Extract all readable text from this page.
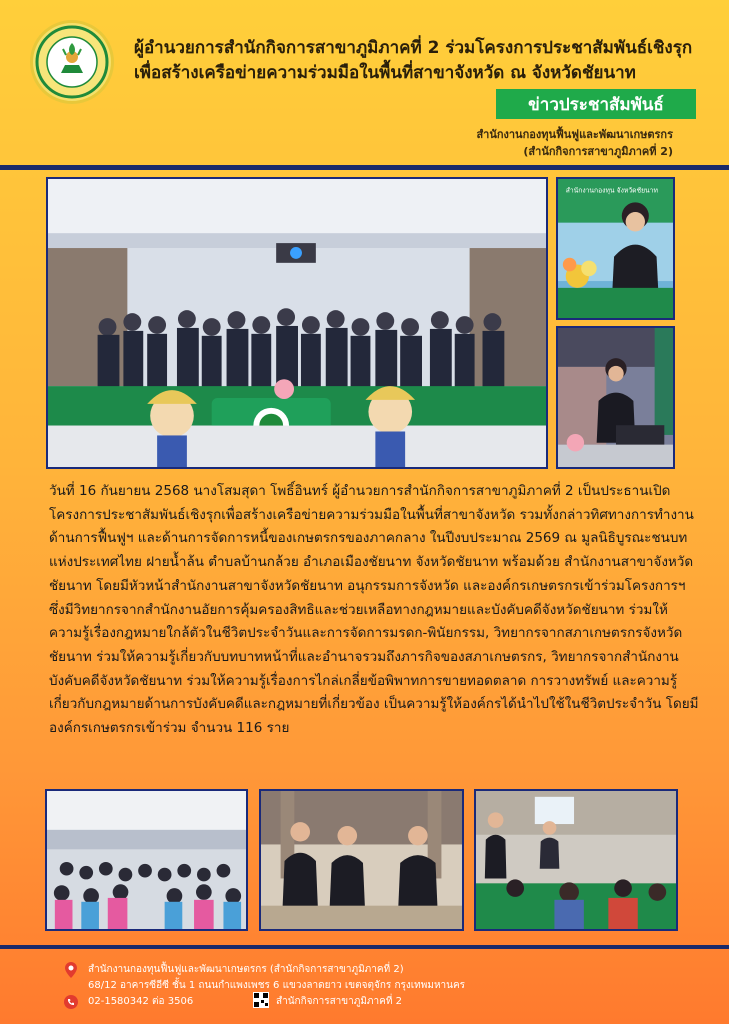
ผู้อำนวยการสำนักกิจการสาขาภูมิภาคที่ 2 ร่วมโครงการประชาสัมพันธ์เชิงรุก
เพื่อสร้างเครือข่ายความร่วมมือในพื้นที่สาขาจังหวัด ณ จังหวัดชัยนาท
ข่าวประชาสัมพันธ์
สำนักงานกองทุนฟื้นฟูและพัฒนาเกษตรกร
(สำนักกิจการสาขาภูมิภาคที่ 2)
สำนักงานกองทุน จังหวัดชัยนาท
วันที่ 16 กันยายน 2568 นางโสมสุดา โพธิ์อินทร์ ผู้อำนวยการสำนักกิจการสาขาภูมิภาคที่ 2 เป็นประธานเปิดโครงการประชาสัมพันธ์เชิงรุกเพื่อสร้างเครือข่ายความร่วมมือในพื้นที่สาขาจังหวัด รวมทั้งกล่าวทิศทางการทำงานด้านการฟื้นฟูฯ และด้านการจัดการหนี้ของเกษตรกรของภาคกลาง ในปีงบประมาณ 2569 ณ มูลนิธิบูรณะชนบทแห่งประเทศไทย ฝายน้ำล้น ตำบลบ้านกล้วย อำเภอเมืองชัยนาท จังหวัดชัยนาท พร้อมด้วย สำนักงานสาขาจังหวัดชัยนาท โดยมีหัวหน้าสำนักงานสาขาจังหวัดชัยนาท อนุกรรมการจังหวัด และองค์กรเกษตรกรเข้าร่วมโครงการฯ ซึ่งมีวิทยากรจากสำนักงานอัยการคุ้มครองสิทธิและช่วยเหลือทางกฎหมายและบังคับคดีจังหวัดชัยนาท ร่วมให้ความรู้เรื่องกฎหมายใกล้ตัวในชีวิตประจำวันและการจัดการมรดก-พินัยกรรม, วิทยากรจากสภาเกษตรกรจังหวัดชัยนาท ร่วมให้ความรู้เกี่ยวกับบทบาทหน้าที่และอำนาจรวมถึงภารกิจของสภาเกษตรกร, วิทยากรจากสำนักงานบังคับคดีจังหวัดชัยนาท ร่วมให้ความรู้เรื่องการไกล่เกลี่ยข้อพิพาทการขายทอดตลาด การวางทรัพย์ และความรู้เกี่ยวกับกฎหมายด้านการบังคับคดีและกฎหมายที่เกี่ยวข้อง เป็นความรู้ให้องค์กรได้นำไปใช้ในชีวิตประจำวัน โดยมีองค์กรเกษตรกรเข้าร่วม จำนวน 116 ราย
สำนักงานกองทุนฟื้นฟูและพัฒนาเกษตรกร (สำนักกิจการสาขาภูมิภาคที่ 2)
68/12 อาคารซีอีซี ชั้น 1 ถนนกำแพงเพชร 6 แขวงลาดยาว เขตจตุจักร กรุงเทพมหานคร
02-1580342 ต่อ 3506	สำนักกิจการสาขาภูมิภาคที่ 2
